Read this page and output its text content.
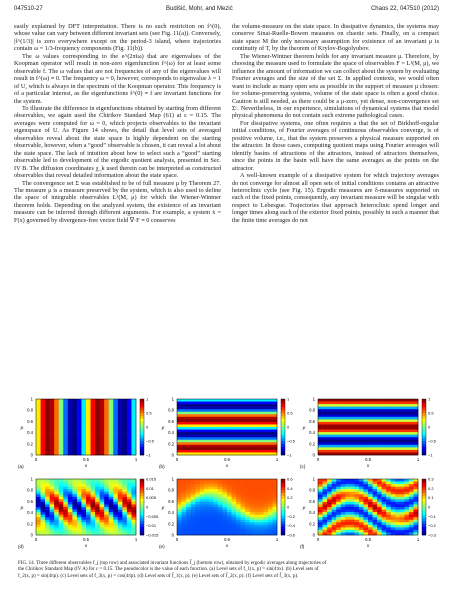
047510-27	Budišić, Mohr, and Mezić	Chaos 22, 047510 (2012)

easily explained by DFT interpretation. There is no such restriction on f^(0), whose value can vary between different invariant sets (see Fig. 11(a)). Conversely, |f^(1/3)| is zero everywhere except on the period-3 island, where trajectories contain ω = 1/3-frequency components (Fig. 11(b)).

The ω values corresponding to the e^(2πiω) that are eigenvalues of the Koopman operator will result in non-zero eigenfunction f^(ω) for at least some observable f. The ω values that are not frequencies of any of the eigenvalues will result in f^(ω) ≡ 0. The frequency ω = 0, however, corresponds to eigenvalue λ = 1 of U, which is always in the spectrum of the Koopman operator. This frequency is of a particular interest, as the eigenfunctions f^(0) ≡ f are invariant functions for the system.

To illustrate the difference in eigenfunctions obtained by starting from different observables, we again used the Chirikov Standard Map (61) at ε = 0.15. The averages were computed for ω = 0, which projects observables to the invariant eigenspace of U. As Figure 14 shows, the detail that level sets of averaged observables reveal about the state space is highly dependent on the starting observable, however, when a “good” observable is chosen, it can reveal a lot about the state space. The lack of intuition about how to select such a “good” starting observable led to development of the ergodic quotient analysis, presented in Sec. IV B. The diffusion coordinates χ_k used therein can be interpreted as constructed observables that reveal detailed information about the state space.

The convergence set Σ was established to be of full measure μ by Theorem 27. The measure μ is a measure preserved by the system, which is also used to define the space of integrable observables L¹(M, μ) for which the Wiener-Wintner theorem holds. Depending on the analyzed system, the existence of an invariant measure can be inferred through different arguments. For example, a system ẋ = F(x) governed by divergence-free vector field ∇·F ≡ 0 conserves

the volume-measure on the state space. In dissipative dynamics, the systems may conserve Sinai-Ruelle-Bowen measures on chaotic sets. Finally, on a compact state space M the only necessary assumption for existence of an invariant μ is continuity of T, by the theorem of Krylov-Bogolyubov.

The Wiener-Wintner theorem holds for any invariant measure μ. Therefore, by choosing the measure used to formulate the space of observables F = L¹(M, μ), we influence the amount of information we can collect about the system by evaluating Fourier averages and the size of the set Σ. In applied contexts, we would often want to include as many open sets as possible in the support of measure μ chosen: for volume-preserving systems, volume of the state space is often a good choice. Caution is still needed, as there could be a μ-zero, yet dense, non-convergence set Σᶜ. Nevertheless, in our experience, simulations of dynamical systems that model physical phenomena do not contain such extreme pathological cases.

For dissipative systems, one often requires a that the set of Birkhoff-regular initial conditions, of Fourier averages of continuous observables converge, is of positive volume, i.e., that the system preserves a physical measure supported on the attractor. In those cases, computing quotient maps using Fourier averages will identify basins of attractions of the attractors, instead of attractors themselves, since the points in the basin will have the same averages as the points on the attractor.

A well-known example of a dissipative system for which trajectory averages do not converge for almost all open sets of initial conditions contains an attractive heteroclinic cycle (see Fig. 15). Ergodic measures are δ-measures supported on each of the fixed points, consequently, any invariant measure will be singular with respect to Lebesgue. Trajectories that approach heteroclinic spend longer and longer times along each of the exterior fixed points, possibly in such a manner that the finite time averages do not

1
0.8
0.6
0.4
0.2
0
0	0.5	1
x
p
(a)
1
0.5
0
−0.5
−1
1
0.8
0.6
0.4
0.2
0
0	0.5	1
x
p
(b)
1
0.5
0
−0.5
−1
1
0.8
0.6
0.4
0.2
0
0	0.5	1
x
p
(c)
1
0.5
0
−0.5
−1
1
0.8
0.6
0.4
0.2
0
0	0.5	1
x
p
(d)
0.015
0.01
0.005
0
−0.005
−0.01
−0.015
1
0.8
0.6
0.4
0.2
0
0	0.5	1
x
p
(e)
0.6
0.4
0.2
0
−0.2
−0.4
−0.6
1
0.8
0.6
0.4
0.2
0
0	0.5	1
x
p
(f)
0.3
0.2
0.1
0
−0.1
−0.2
−0.3
FIG. 14. Three different observables f_j (top row) and associated invariant functions f̃_j (bottom row), obtained by ergodic averages along trajectories of
the Chirikov Standard Map (IV A) for ε = 0.15. The pseudocolor is the value of each function. (a) Level sets of f_1(x, p) = sin(4πx). (b) Level sets of
f_2(x, p) = sin(4πp). (c) Level sets of f_3(x, p) = cos(4πp). (d) Level sets of f̃_1(x, p). (e) Level sets of f̃_2(x, p). (f) Level sets of f̃_3(x, p).
